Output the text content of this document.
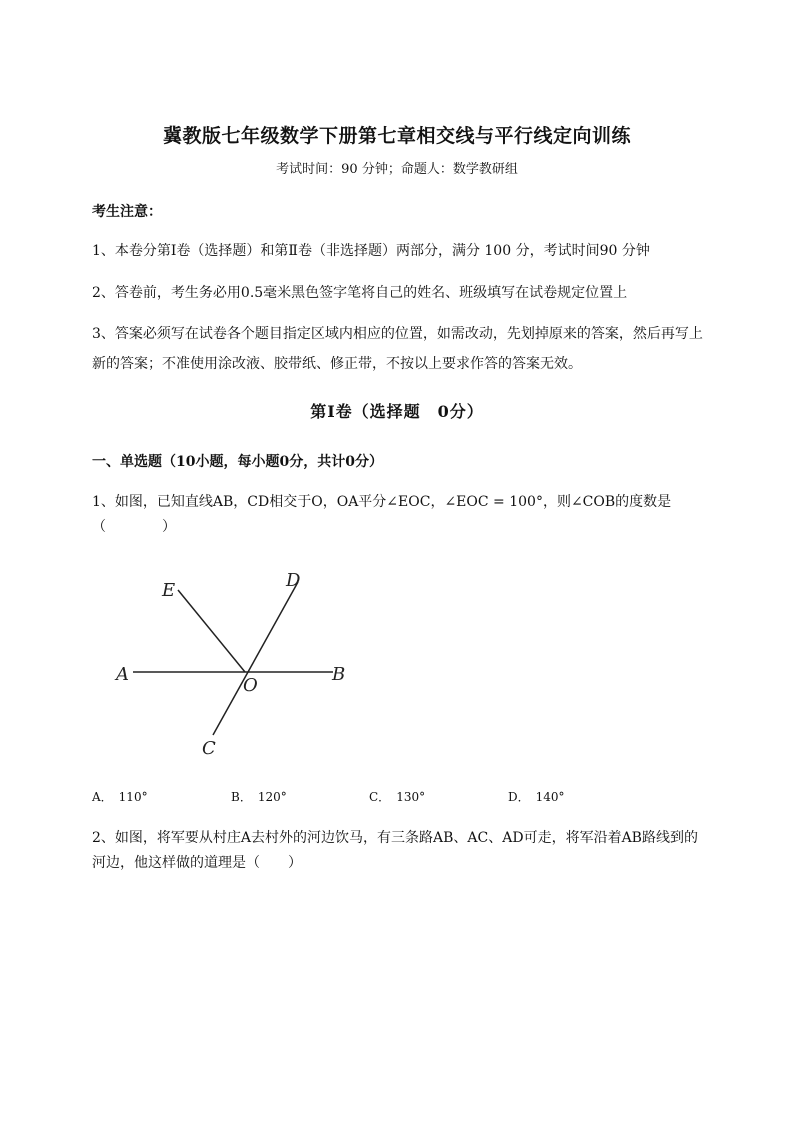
冀教版七年级数学下册第七章相交线与平行线定向训练
考试时间：90 分钟；命题人：数学教研组
考生注意：
1、本卷分第Ⅰ卷（选择题）和第Ⅱ卷（非选择题）两部分，满分 100 分，考试时间90 分钟
2、答卷前，考生务必用0.5毫米黑色签字笔将自己的姓名、班级填写在试卷规定位置上
3、答案必须写在试卷各个题目指定区域内相应的位置，如需改动，先划掉原来的答案，然后再写上新的答案；不准使用涂改液、胶带纸、修正带，不按以上要求作答的答案无效。
第Ⅰ卷（选择题　0分）
一、单选题（10小题，每小题0分，共计0分）
1、如图，已知直线AB，CD相交于O，OA平分∠EOC，∠EOC = 100°，则∠COB的度数是
（	）
E	D
A
O
B
C
A． 110°	B． 120°	C． 130°	D． 140°
2、如图，将军要从村庄A去村外的河边饮马，有三条路AB、AC、AD可走，将军沿着AB路线到的河边，他这样做的道理是（　　）
